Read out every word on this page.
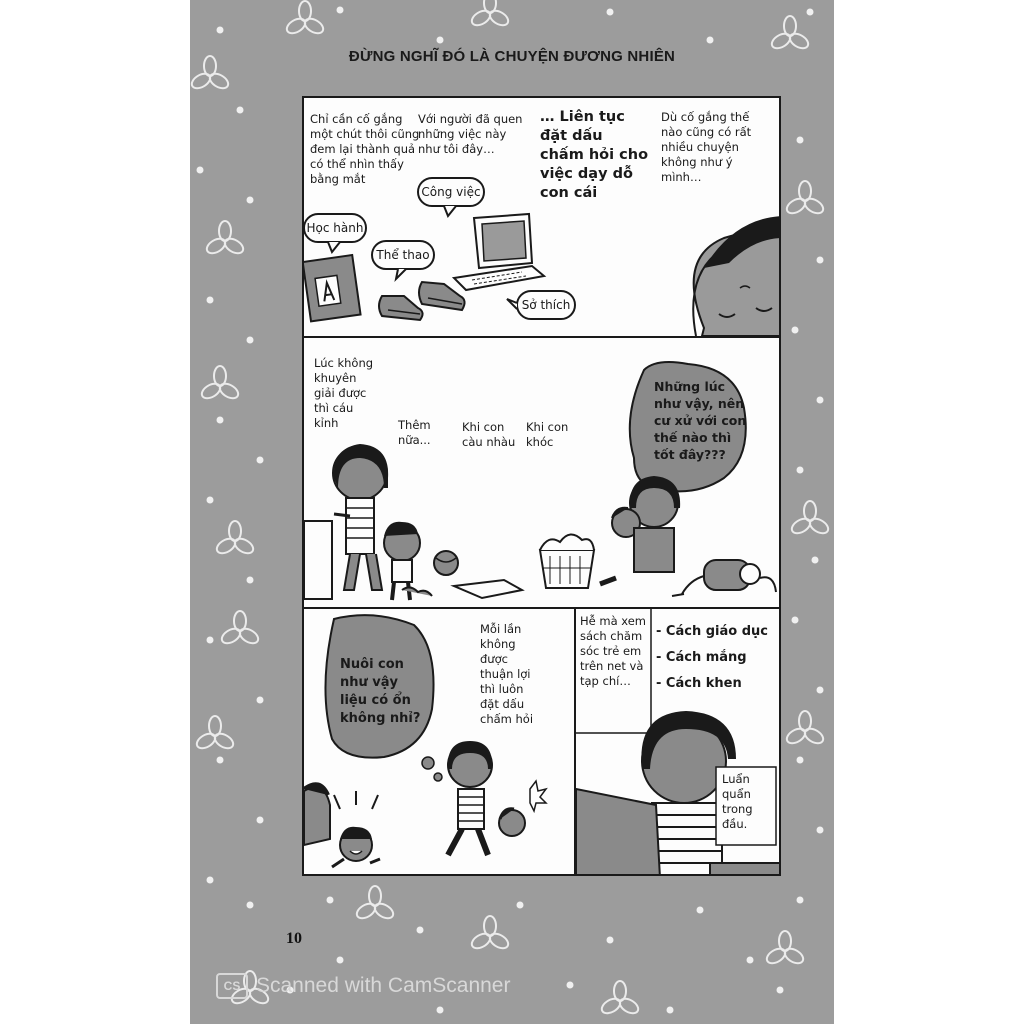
ĐỪNG NGHĨ ĐÓ LÀ CHUYỆN ĐƯƠNG NHIÊN
Học hành
Công việc
Thể thao
Sở thích
Chỉ cần cố gắng
một chút thôi cũng
đem lại thành quả
có thể nhìn thấy
bằng mắt
Với người đã quen
những việc này
như tôi đây…
… Liên tục
đặt dấu
chấm hỏi cho
việc dạy dỗ
con cái
Dù cố gắng thế
nào cũng có rất
nhiều chuyện
không như ý
mình…
Lúc không
khuyên
giải được
thì cáu
kỉnh	Thêm
nữa...
Khi con
càu nhàu
Khi con
khóc
Những lúc
như vậy, nên
cư xử với con
thế nào thì
tốt đây???
Nuôi con
như vậy
liệu có ổn
không nhỉ?
Mỗi lần
không
được
thuận lợi
thì luôn
đặt dấu
chấm hỏi
Hễ mà xem
sách chăm
sóc trẻ em
trên net và
tạp chí…
- Cách giáo dục
- Cách mắng
- Cách khen
Luẩn
quẩn
trong
đầu.
10
CS Scanned with CamScanner
